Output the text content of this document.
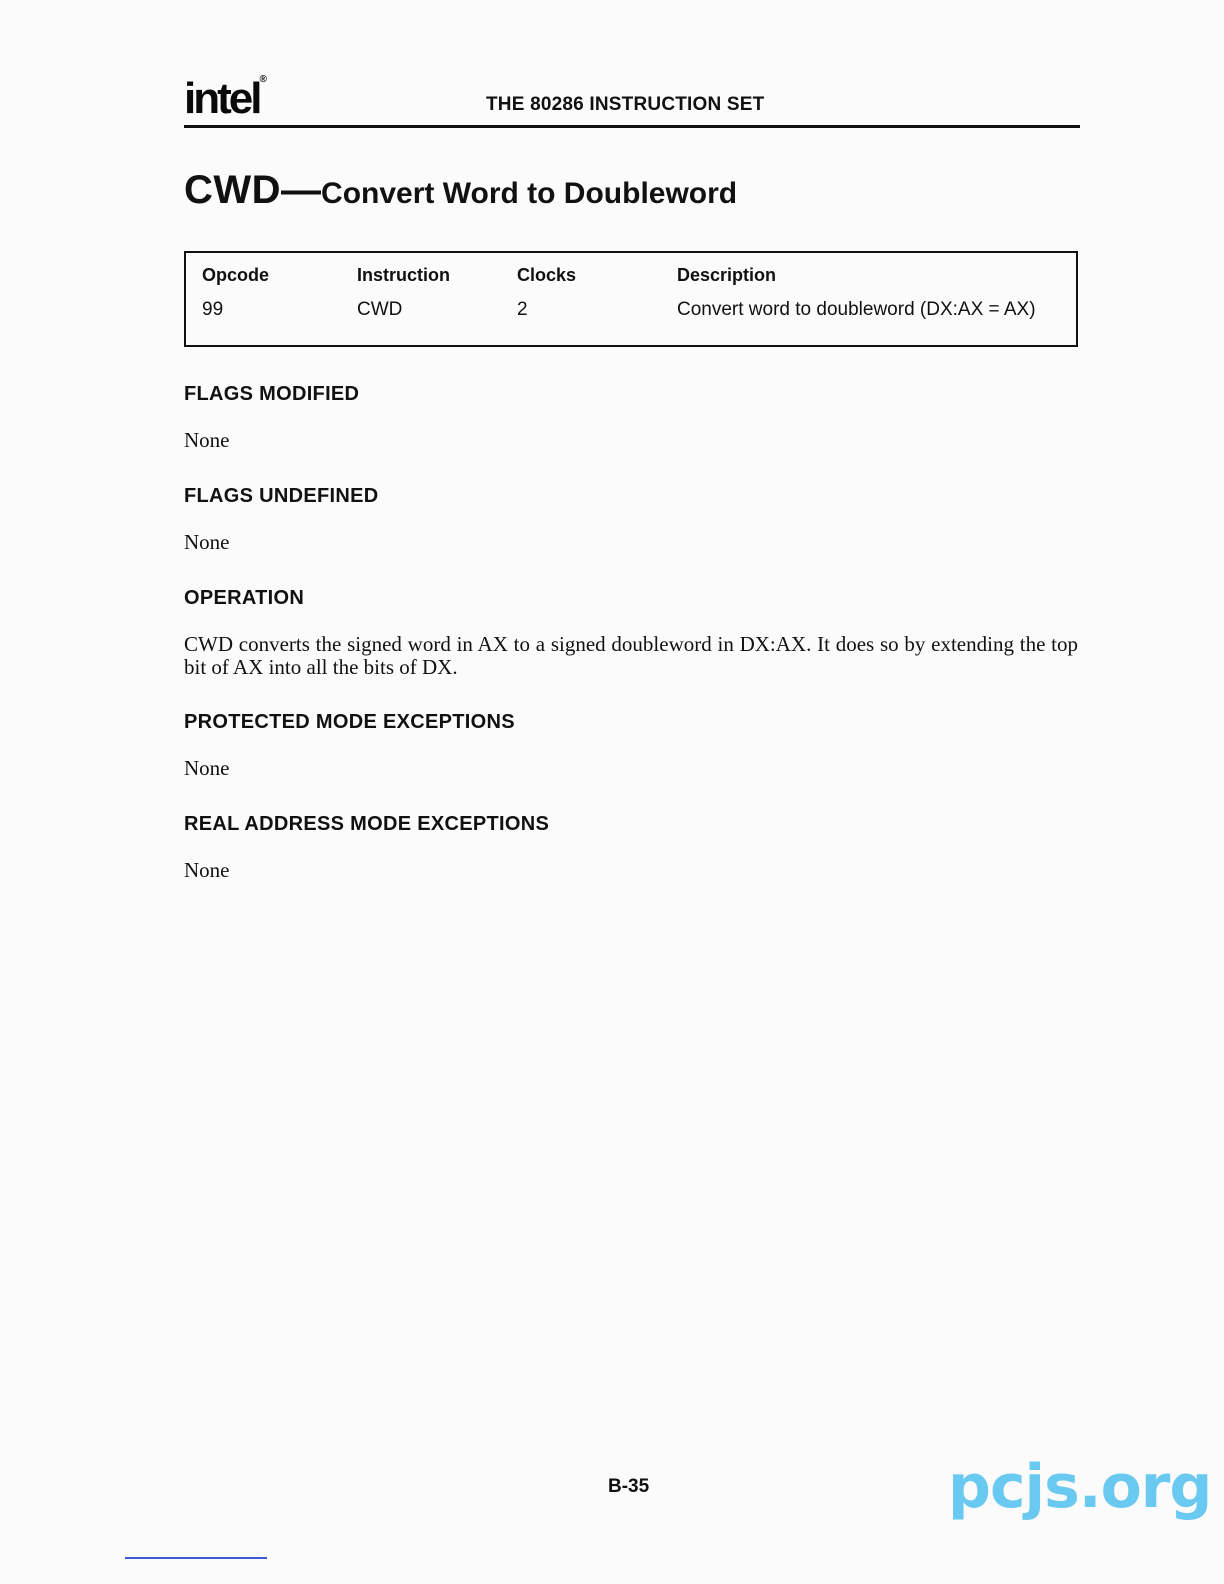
intel®
THE 80286 INSTRUCTION SET
CWD—Convert Word to Doubleword
Opcode	Instruction	Clocks	Description
99	CWD	2	Convert word to doubleword (DX:AX = AX)
FLAGS MODIFIED

None

FLAGS UNDEFINED

None

OPERATION

CWD converts the signed word in AX to a signed doubleword in DX:AX. It does so by extending the top bit of AX into all the bits of DX.

PROTECTED MODE EXCEPTIONS

None

REAL ADDRESS MODE EXCEPTIONS

None

B-35	pcjs.org
